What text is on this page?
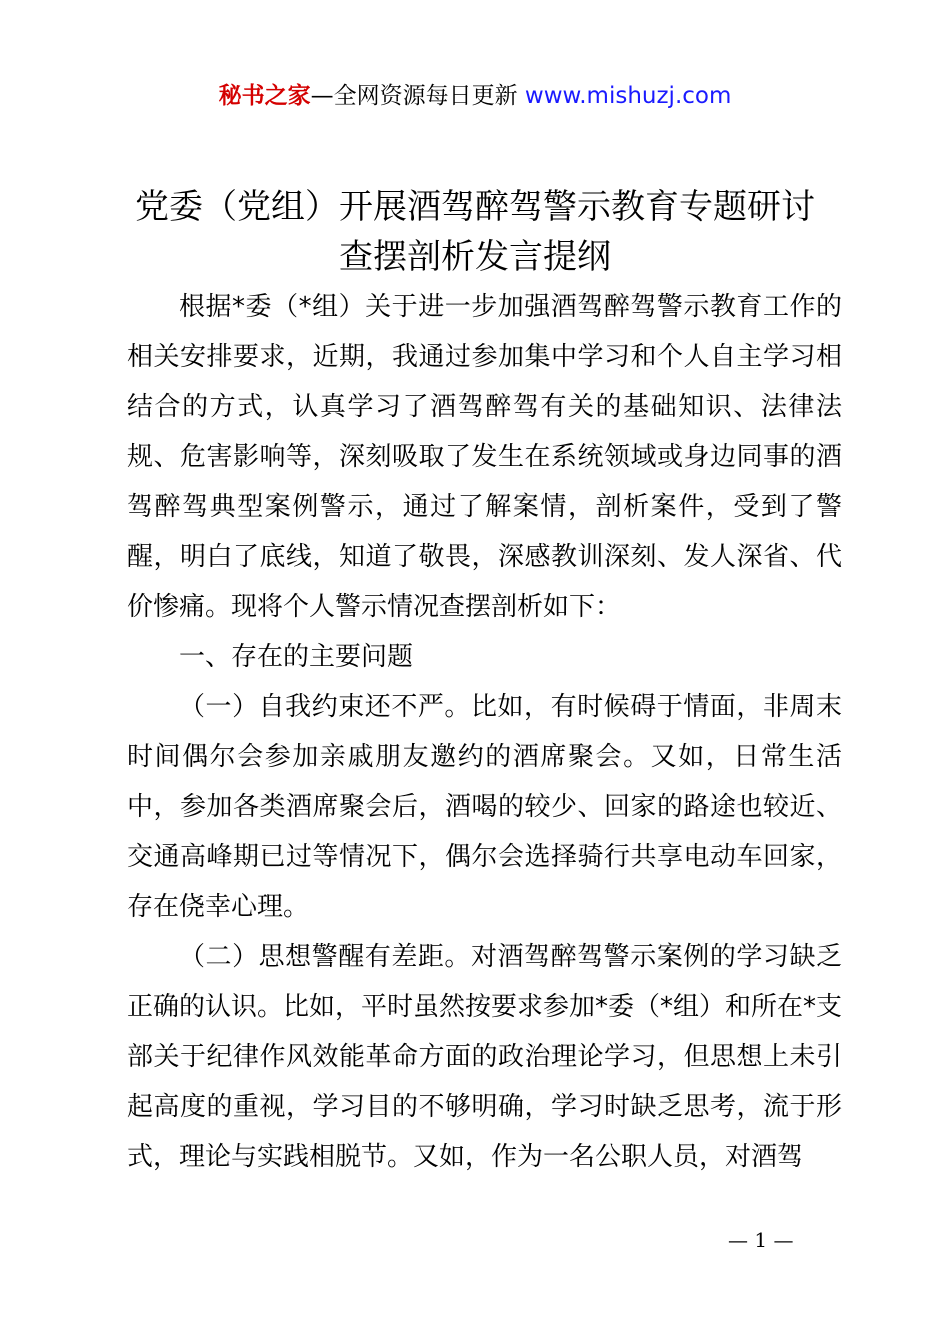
秘书之家—全网资源每日更新 www.mishuzj.com
党委（党组）开展酒驾醉驾警示教育专题研讨
查摆剖析发言提纲

根据*委（*组）关于进一步加强酒驾醉驾警示教育工作的相关安排要求，近期，我通过参加集中学习和个人自主学习相结合的方式，认真学习了酒驾醉驾有关的基础知识、法律法规、危害影响等，深刻吸取了发生在系统领域或身边同事的酒驾醉驾典型案例警示，通过了解案情，剖析案件，受到了警醒，明白了底线，知道了敬畏，深感教训深刻、发人深省、代价惨痛。现将个人警示情况查摆剖析如下：

一、存在的主要问题

（一）自我约束还不严。比如，有时候碍于情面，非周末时间偶尔会参加亲戚朋友邀约的酒席聚会。又如，日常生活中，参加各类酒席聚会后，酒喝的较少、回家的路途也较近、交通高峰期已过等情况下，偶尔会选择骑行共享电动车回家，存在侥幸心理。

（二）思想警醒有差距。对酒驾醉驾警示案例的学习缺乏正确的认识。比如，平时虽然按要求参加*委（*组）和所在*支部关于纪律作风效能革命方面的政治理论学习，但思想上未引起高度的重视，学习目的不够明确，学习时缺乏思考，流于形式，理论与实践相脱节。又如，作为一名公职人员，对酒驾

— 1 —
